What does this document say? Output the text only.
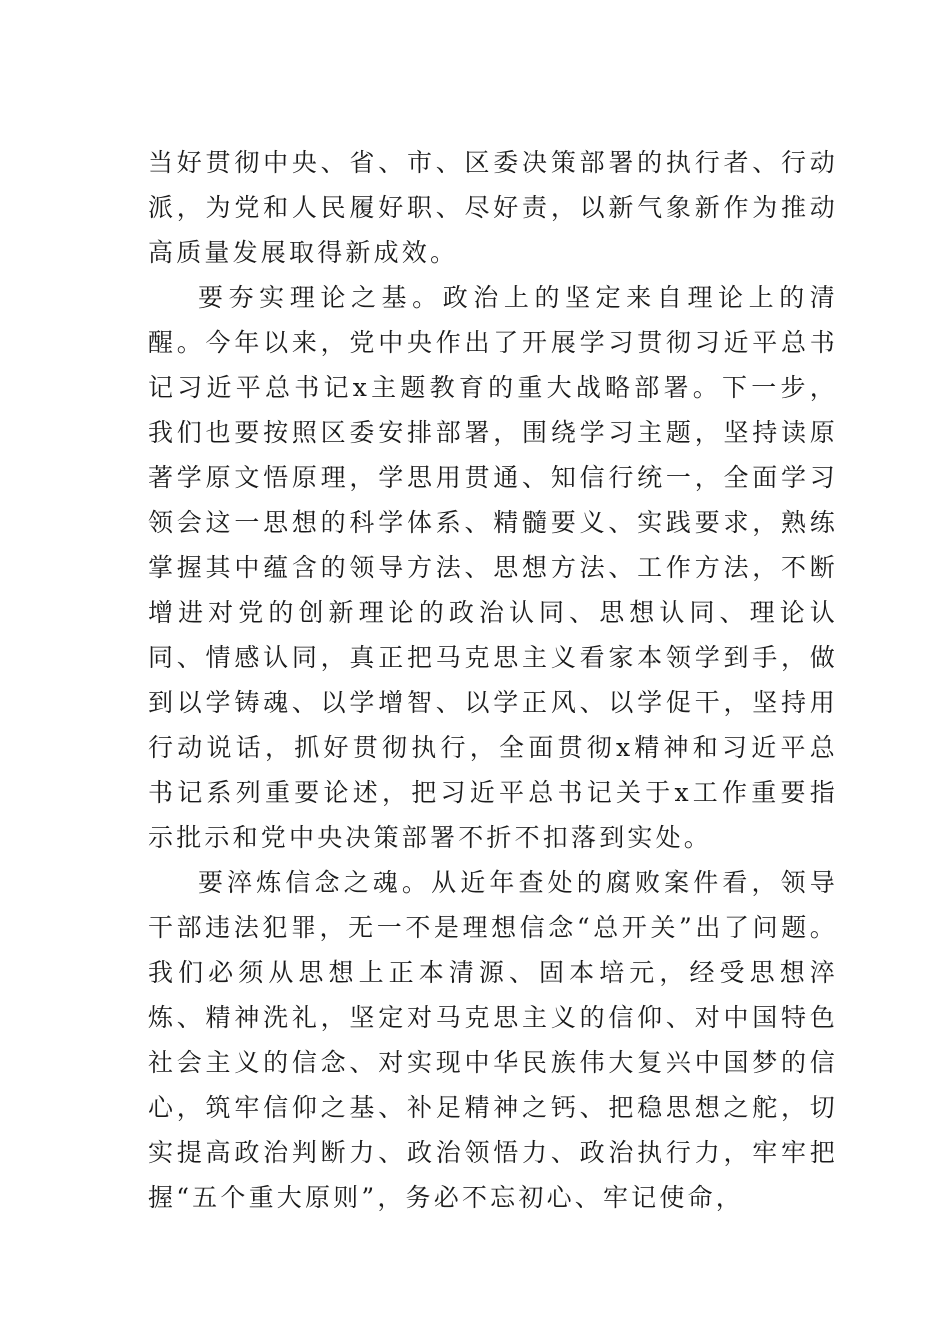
当好贯彻中央、省、市、区委决策部署的执行者、行动派，为党和人民履好职、尽好责，以新气象新作为推动高质量发展取得新成效。

要夯实理论之基。政治上的坚定来自理论上的清醒。今年以来，党中央作出了开展学习贯彻习近平总书记习近平总书记x主题教育的重大战略部署。下一步，我们也要按照区委安排部署，围绕学习主题，坚持读原著学原文悟原理，学思用贯通、知信行统一，全面学习领会这一思想的科学体系、精髓要义、实践要求，熟练掌握其中蕴含的领导方法、思想方法、工作方法，不断增进对党的创新理论的政治认同、思想认同、理论认同、情感认同，真正把马克思主义看家本领学到手，做到以学铸魂、以学增智、以学正风、以学促干，坚持用行动说话，抓好贯彻执行，全面贯彻x精神和习近平总书记系列重要论述，把习近平总书记关于x工作重要指示批示和党中央决策部署不折不扣落到实处。

要淬炼信念之魂。从近年查处的腐败案件看，领导干部违法犯罪，无一不是理想信念“总开关”出了问题。我们必须从思想上正本清源、固本培元，经受思想淬炼、精神洗礼，坚定对马克思主义的信仰、对中国特色社会主义的信念、对实现中华民族伟大复兴中国梦的信心，筑牢信仰之基、补足精神之钙、把稳思想之舵，切实提高政治判断力、政治领悟力、政治执行力，牢牢把握“五个重大原则”，务必不忘初心、牢记使命，
